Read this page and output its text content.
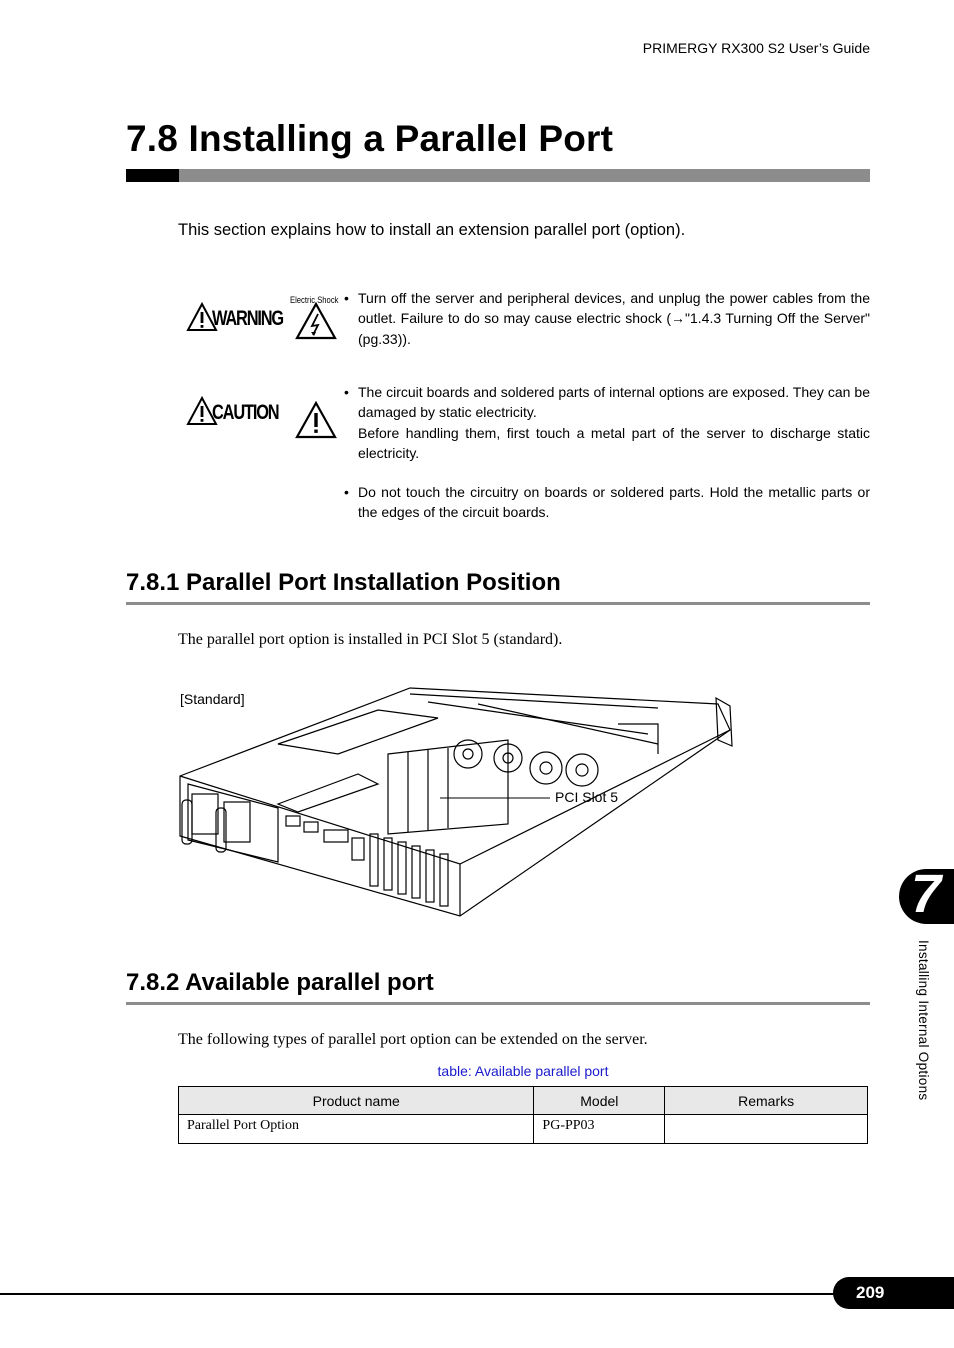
PRIMERGY RX300 S2 User’s Guide
7.8 Installing a Parallel Port
This section explains how to install an extension parallel port (option).
WARNING
Electric Shock • Turn off the server and peripheral devices, and unplug the power cables from the outlet. Failure to do so may cause electric shock (→"1.4.3 Turning Off the Server" (pg.33)).
CAUTION
• The circuit boards and soldered parts of internal options are exposed. They can be damaged by static electricity.
Before handling them, first touch a metal part of the server to discharge static electricity.
• Do not touch the circuitry on boards or soldered parts. Hold the metallic parts or the edges of the circuit boards.
7.8.1 Parallel Port Installation Position
The parallel port option is installed in PCI Slot 5 (standard).
[Standard]
PCI Slot 5
7.8.2 Available parallel port
The following types of parallel port option can be extended on the server.
table: Available parallel port
Product name	Model	Remarks
Parallel Port Option	PG-PP03	
7
Installing Internal Options
209
